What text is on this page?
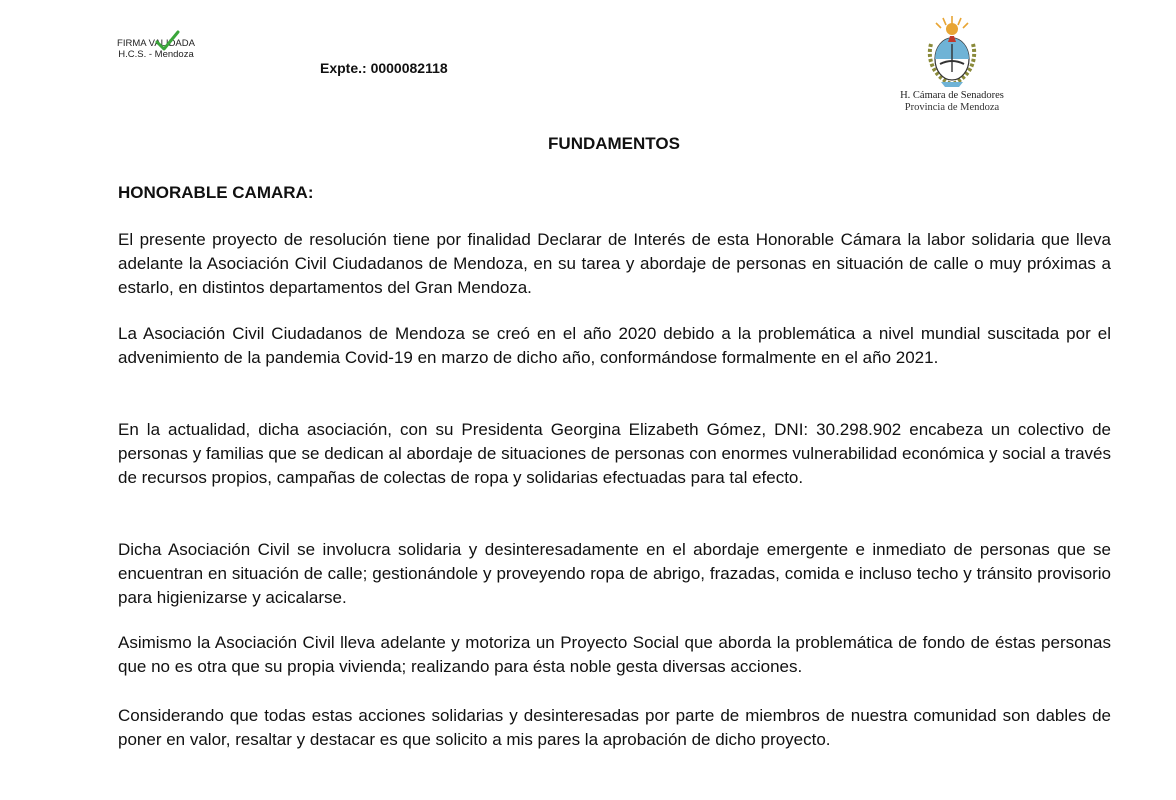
FIRMA VALIDADA
H.C.S. - Mendoza
Expte.: 0000082118
H. Cámara de Senadores
Provincia de Mendoza
FUNDAMENTOS
HONORABLE CAMARA:

El presente proyecto de resolución tiene por finalidad Declarar de Interés de esta Honorable Cámara la labor solidaria que lleva adelante la Asociación Civil Ciudadanos de Mendoza, en su tarea y abordaje de personas en situación de calle o muy próximas a estarlo, en distintos departamentos del Gran Mendoza.

La Asociación Civil Ciudadanos de Mendoza se creó en el año 2020 debido a la problemática a nivel mundial suscitada por el advenimiento de la pandemia Covid-19 en marzo de dicho año, conformándose formalmente en el año 2021.

En la actualidad, dicha asociación, con su Presidenta Georgina Elizabeth Gómez, DNI: 30.298.902 encabeza un colectivo de personas y familias que se dedican al abordaje de situaciones de personas con enormes vulnerabilidad económica y social a través de recursos propios, campañas de colectas de ropa y solidarias efectuadas para tal efecto.

Dicha Asociación Civil se involucra solidaria y desinteresadamente en el abordaje emergente e inmediato de personas que se encuentran en situación de calle; gestionándole y proveyendo ropa de abrigo, frazadas, comida e incluso techo y tránsito provisorio para higienizarse y acicalarse.

Asimismo la Asociación Civil lleva adelante y motoriza un Proyecto Social que aborda la problemática de fondo de éstas personas que no es otra que su propia vivienda; realizando para ésta noble gesta diversas acciones.

Considerando que todas estas acciones solidarias y desinteresadas por parte de miembros de nuestra comunidad son dables de poner en valor, resaltar y destacar es que solicito a mis pares la aprobación de dicho proyecto.
